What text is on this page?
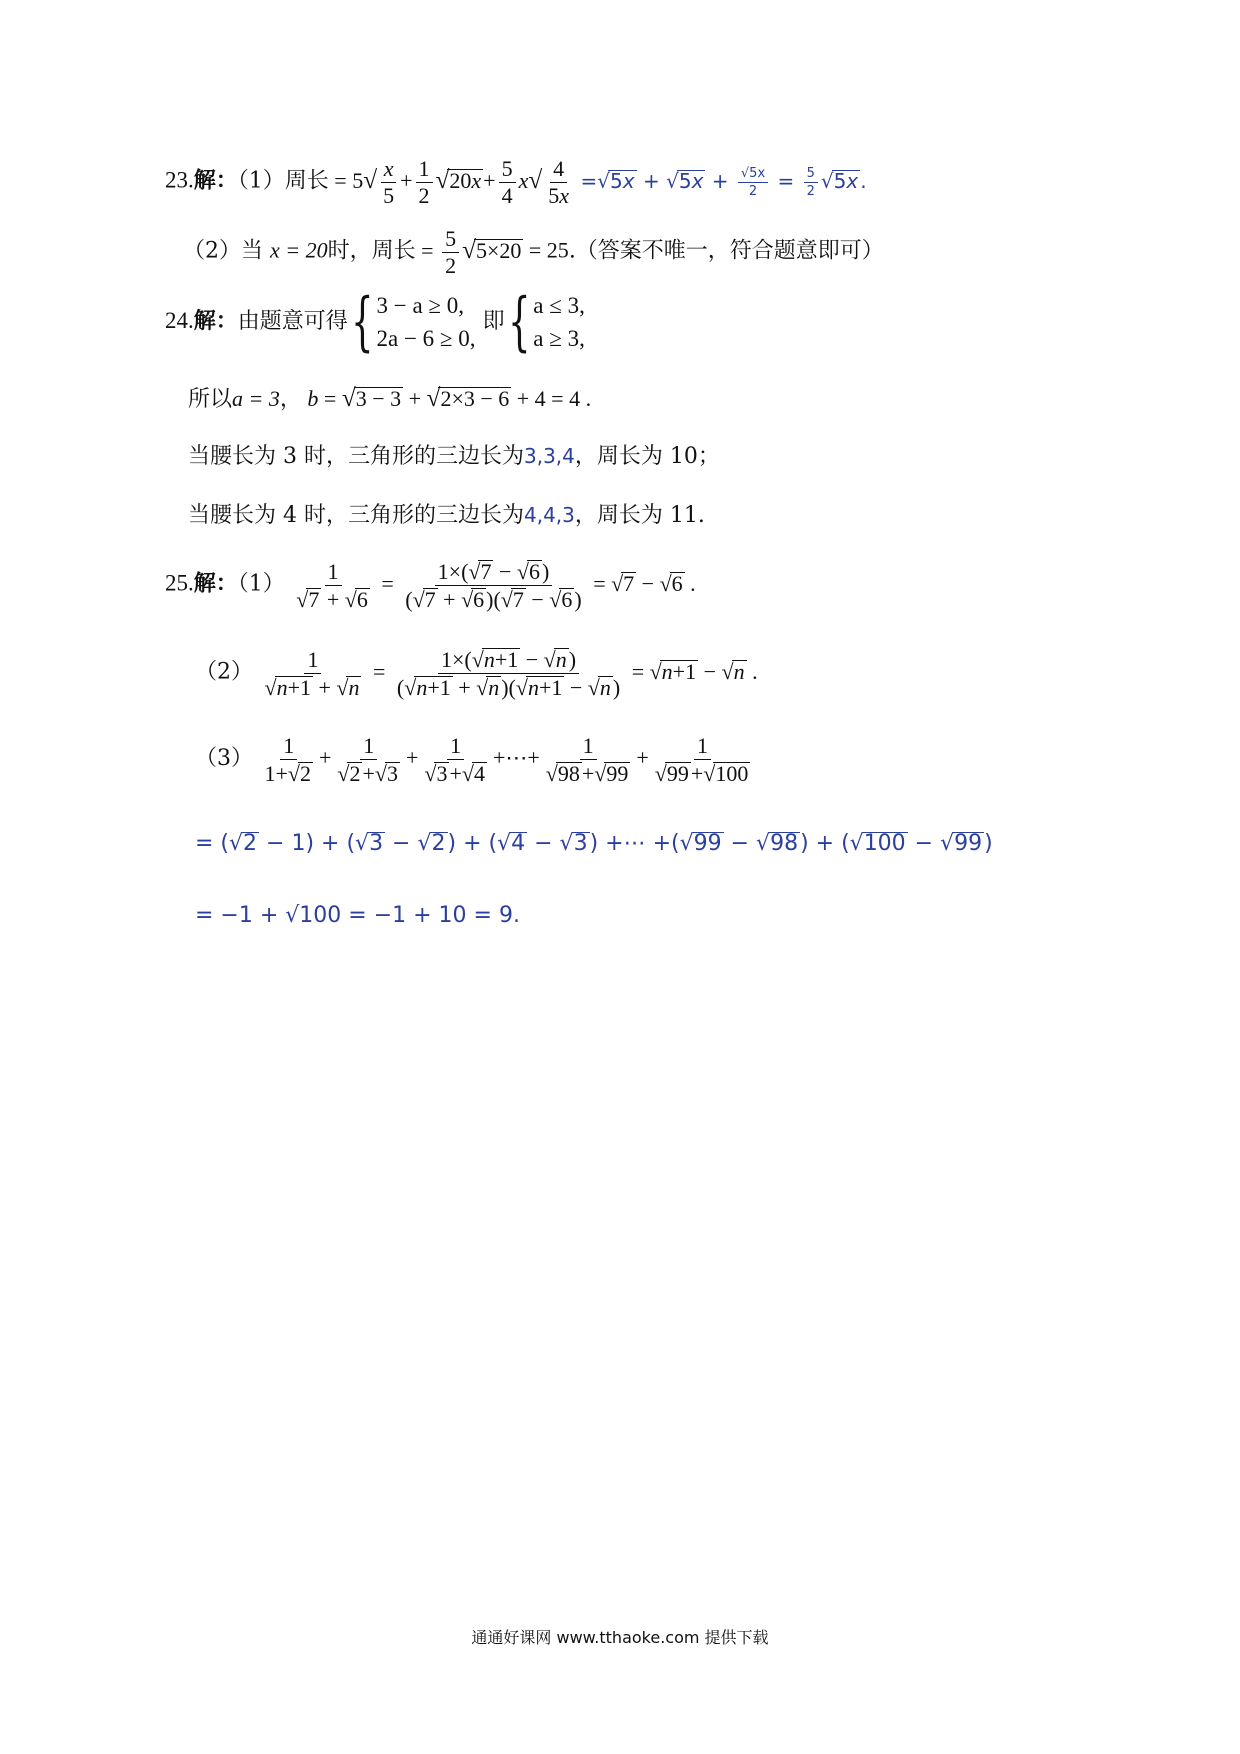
23.解：（1）周长 = $5√ \frac{x}{5} + \frac{1}{2} √20x+ \frac{5}{4} x√ \frac{4}{5x} =√5x + √5x + \frac{√5x}{2} = \frac{5}{2} √5x$ .
（2）当 x = 20时，周长 = $\frac{5}{2} √5\times 20 = 25$.（答案不唯一，符合题意即可）
24.解：由题意可得{ 3 − a ≥ 0,
2a − 6 ≥ 0,
即{ a ≤ 3,
a ≥ 3,
所以a = 3， b = √3 − 3 + √2×3 − 6 + 4 = 4 .
当腰长为 3 时，三角形的三边长为3,3,4，周长为 10；
当腰长为 4 时，三角形的三边长为4,4,3，周长为 11.
25.解：$(1) \frac{1}{√7 + √6} = \frac{1\times(√7 - √6)}{(√7 + √6)(√7 - √6)} = √7 - √6$ .
$(2) \frac{1}{√n+1 + √n} = \frac{1\times(√n+1 - √n)}{(√n+1 + √n)(√n+1 - √n)} = √n+1 - √n$ .
$(3) \frac{1}{1+√2} + \frac{1}{√2+√3} + \frac{1}{√3+√4}$ +⋯+ $\frac{1}{√98+√99} + \frac{1}{√99+√100}$
= (√2 − 1) + (√3 − √2) + (√4 − √3) +⋯ +(√99 − √98) + (√100 − √99)
= −1 + √100 = −1 + 10 = 9.
通通好课网 www.tthaoke.com 提供下载
